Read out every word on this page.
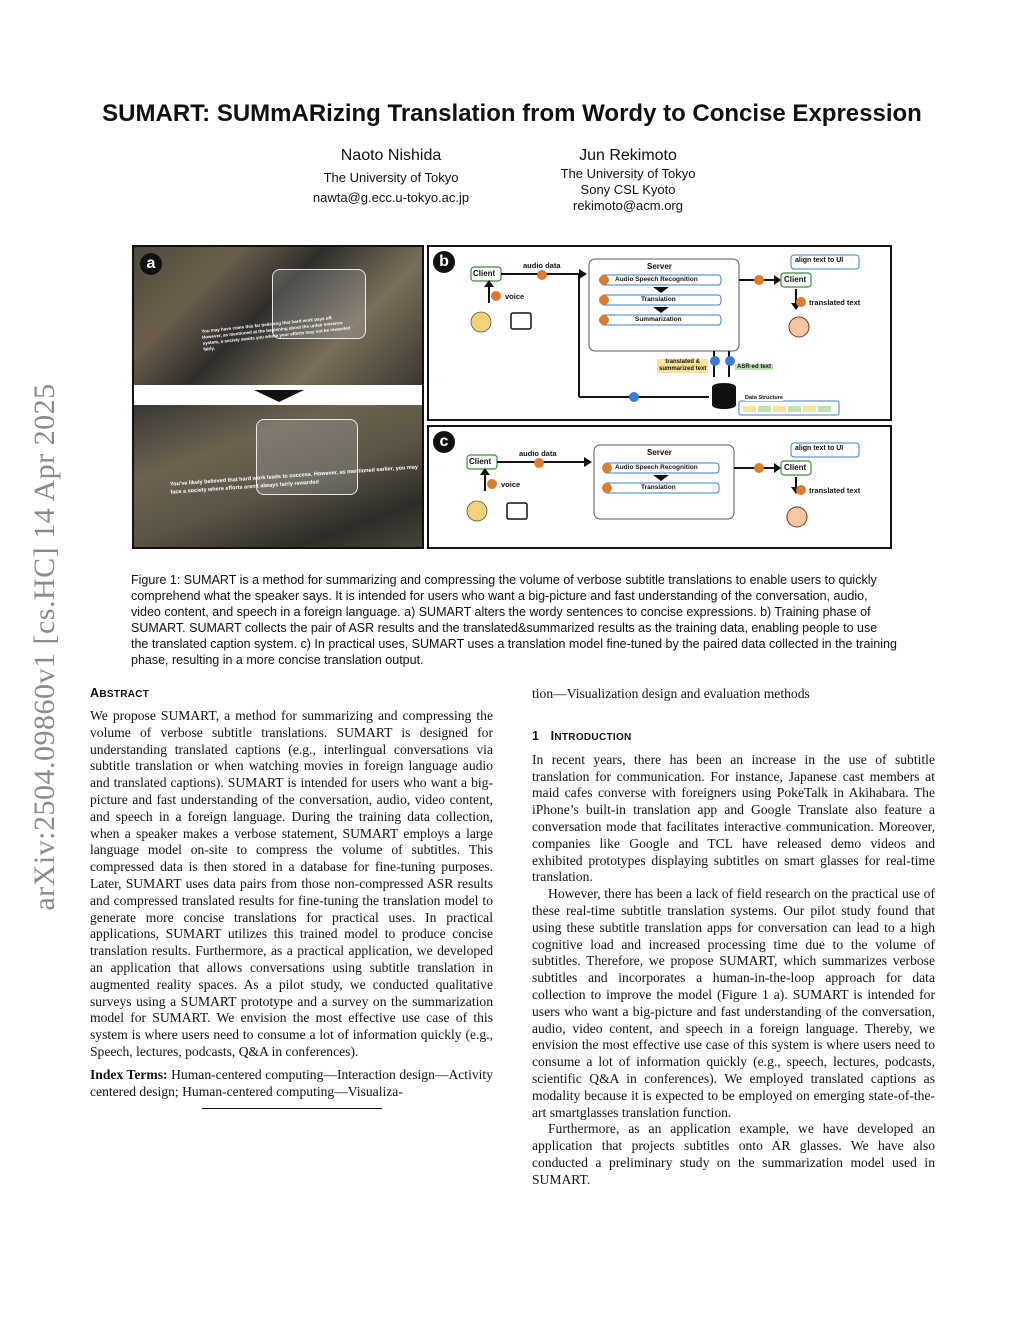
arXiv:2504.09860v1 [cs.HC] 14 Apr 2025
SUMART: SUMmARizing Translation from Wordy to Concise Expression
Naoto Nishida
The University of Tokyo
nawta@g.ecc.u-tokyo.ac.jp
Jun Rekimoto
The University of Tokyo
Sony CSL Kyoto
rekimoto@acm.org
You may have come this far believing that hard work pays off. However, as mentioned at the beginning about the unfair entrance system, a society awaits you where your efforts may not be rewarded fairly.
You've likely believed that hard work leads to success. However, as mentioned earlier, you may face a society where efforts aren't always fairly rewarded
a	b
Client
voice
audio data	Server
Audio Speech Recognition
Translation
Summarization
align text to UI
Client
translated text
translated &
summarized text	ASR-ed text
Data Structure
c
Client
voice
audio data	Server
Audio Speech Recognition
Translation
align text to UI
Client
translated text
Figure 1: SUMART is a method for summarizing and compressing the volume of verbose subtitle translations to enable users to quickly comprehend what the speaker says. It is intended for users who want a big-picture and fast understanding of the conversation, audio, video content, and speech in a foreign language. a) SUMART alters the wordy sentences to concise expressions. b) Training phase of SUMART. SUMART collects the pair of ASR results and the translated&summarized results as the training data, enabling people to use the translated caption system. c) In practical uses, SUMART uses a translation model fine-tuned by the paired data collected in the training phase, resulting in a more concise translation output.
ABSTRACT

We propose SUMART, a method for summarizing and compressing the volume of verbose subtitle translations. SUMART is designed for understanding translated captions (e.g., interlingual conversations via subtitle translation or when watching movies in foreign language audio and translated captions). SUMART is intended for users who want a big-picture and fast understanding of the conversation, audio, video content, and speech in a foreign language. During the training data collection, when a speaker makes a verbose statement, SUMART employs a large language model on-site to compress the volume of subtitles. This compressed data is then stored in a database for fine-tuning purposes. Later, SUMART uses data pairs from those non-compressed ASR results and compressed translated results for fine-tuning the translation model to generate more concise translations for practical uses. In practical applications, SUMART utilizes this trained model to produce concise translation results. Furthermore, as a practical application, we developed an application that allows conversations using subtitle translation in augmented reality spaces. As a pilot study, we conducted qualitative surveys using a SUMART prototype and a survey on the summarization model for SUMART. We envision the most effective use case of this system is where users need to consume a lot of information quickly (e.g., Speech, lectures, podcasts, Q&A in conferences).

Index Terms: Human-centered computing—Interaction design—Activity centered design; Human-centered computing—Visualiza-

tion—Visualization design and evaluation methods
1 INTRODUCTION

In recent years, there has been an increase in the use of subtitle translation for communication. For instance, Japanese cast members at maid cafes converse with foreigners using PokeTalk in Akihabara. The iPhone’s built-in translation app and Google Translate also feature a conversation mode that facilitates interactive communication. Moreover, companies like Google and TCL have released demo videos and exhibited prototypes displaying subtitles on smart glasses for real-time translation.

However, there has been a lack of field research on the practical use of these real-time subtitle translation systems. Our pilot study found that using these subtitle translation apps for conversation can lead to a high cognitive load and increased processing time due to the volume of subtitles. Therefore, we propose SUMART, which summarizes verbose subtitles and incorporates a human-in-the-loop approach for data collection to improve the model (Figure 1 a). SUMART is intended for users who want a big-picture and fast understanding of the conversation, audio, video content, and speech in a foreign language. Thereby, we envision the most effective use case of this system is where users need to consume a lot of information quickly (e.g., speech, lectures, podcasts, scientific Q&A in conferences). We employed translated captions as modality because it is expected to be employed on emerging state-of-the-art smartglasses translation function.

Furthermore, as an application example, we have developed an application that projects subtitles onto AR glasses. We have also conducted a preliminary study on the summarization model used in SUMART.
